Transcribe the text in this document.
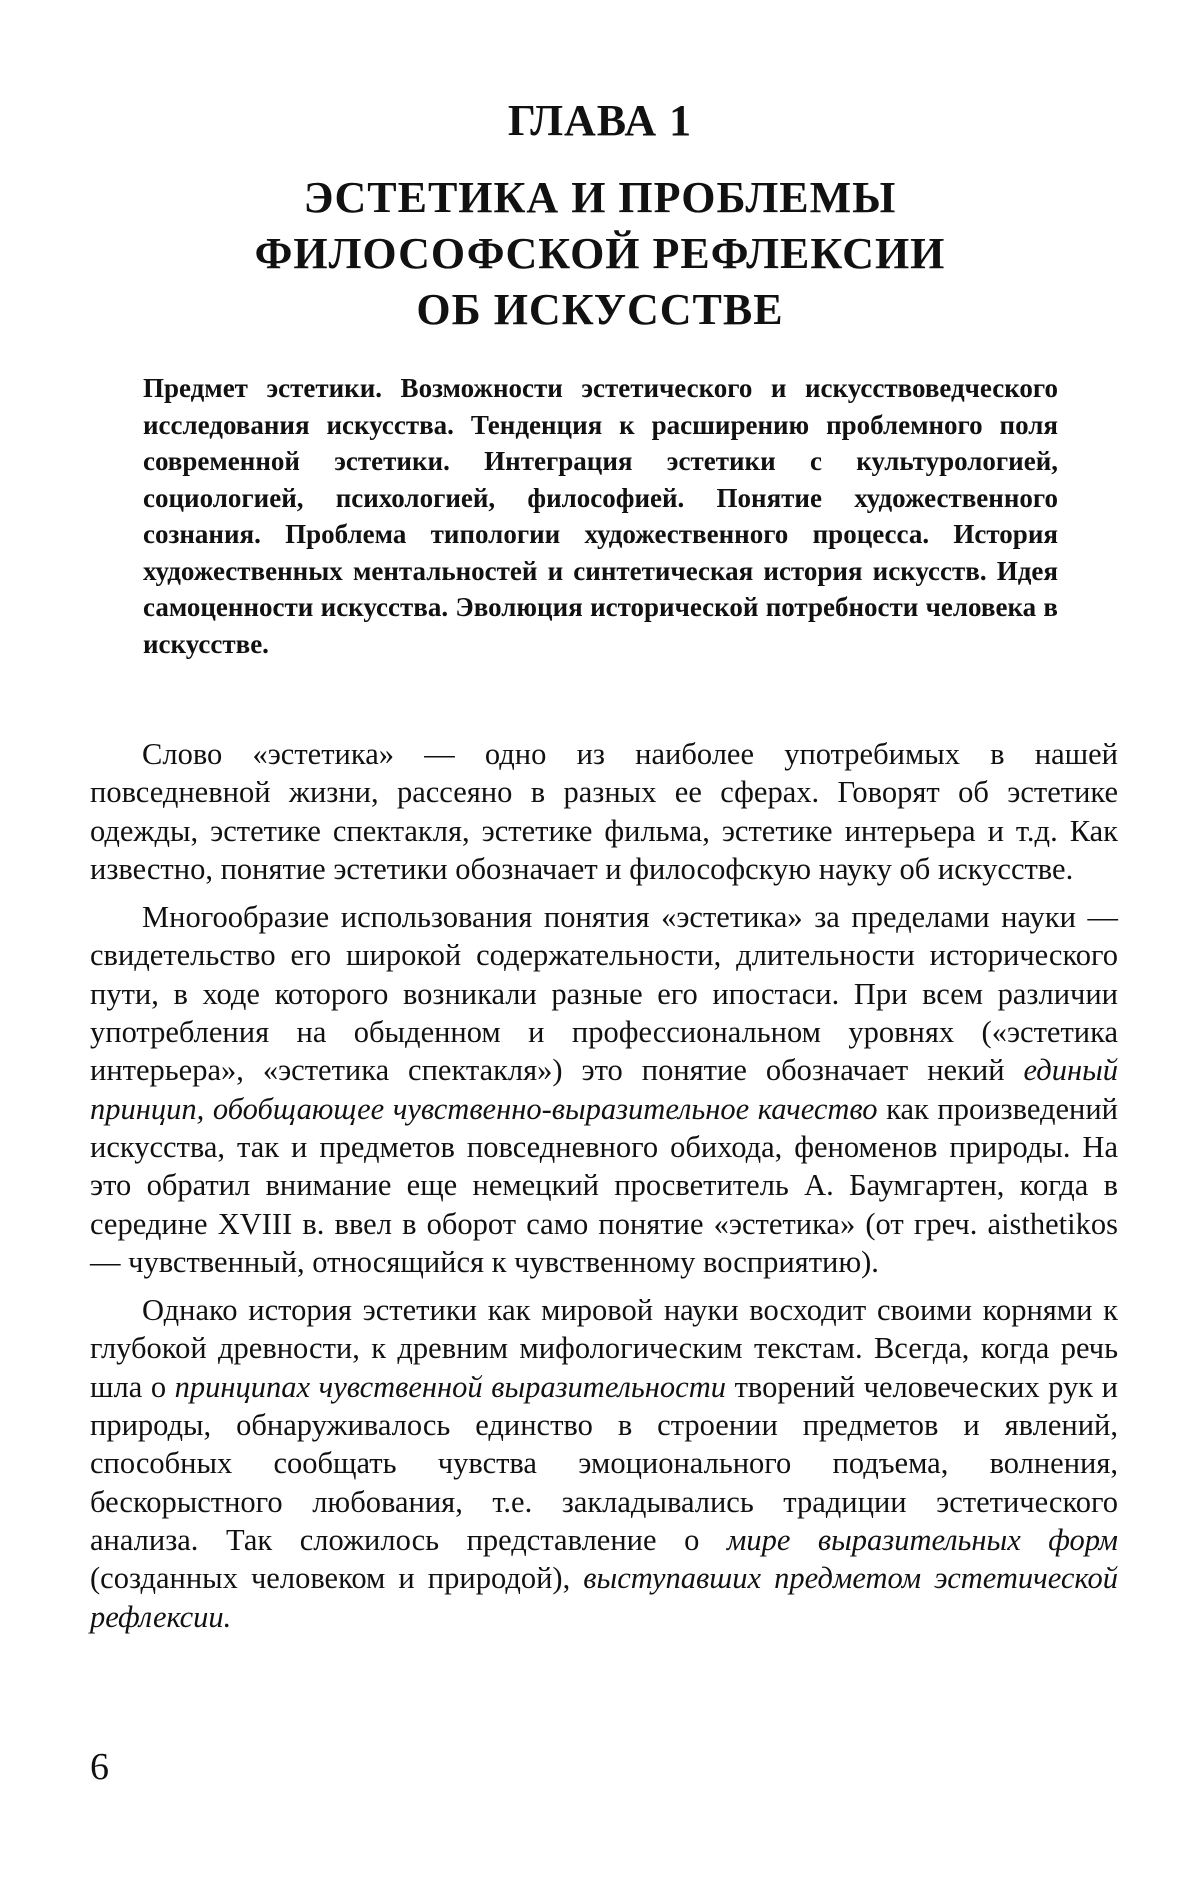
ГЛАВА 1
ЭСТЕТИКА И ПРОБЛЕМЫ
ФИЛОСОФСКОЙ РЕФЛЕКСИИ
ОБ ИСКУССТВЕ

Предмет эстетики. Возможности эстетического и искусствоведческого исследования искусства. Тенденция к расширению проблемного поля современной эстетики. Интеграция эстетики с культурологией, социологией, психологией, философией. Понятие художественного сознания. Проблема типологии художественного процесса. История художественных ментальностей и синтетическая история искусств. Идея самоценности искусства. Эволюция исторической потребности человека в искусстве.

Слово «эстетика» — одно из наиболее употребимых в нашей повседневной жизни, рассеяно в разных ее сферах. Говорят об эстетике одежды, эстетике спектакля, эстетике фильма, эстетике интерьера и т.д. Как известно, понятие эстетики обозначает и философскую науку об искусстве.

Многообразие использования понятия «эстетика» за пределами науки — свидетельство его широкой содержательности, длительности исторического пути, в ходе которого возникали разные его ипостаси. При всем различии употребления на обыденном и профессиональном уровнях («эстетика интерьера», «эстетика спектакля») это понятие обозначает некий единый принцип, обобщающее чувственно-выразительное качество как произведений искусства, так и предметов повседневного обихода, феноменов природы. На это обратил внимание еще немецкий просветитель А. Баумгартен, когда в середине XVIII в. ввел в оборот само понятие «эстетика» (от греч. aisthetikos — чувственный, относящийся к чувственному восприятию).

Однако история эстетики как мировой науки восходит своими корнями к глубокой древности, к древним мифологическим текстам. Всегда, когда речь шла о принципах чувственной выразительности творений человеческих рук и природы, обнаруживалось единство в строении предметов и явлений, способных сообщать чувства эмоционального подъема, волнения, бескорыстного любования, т.е. закладывались традиции эстетического анализа. Так сложилось представление о мире выразительных форм (созданных человеком и природой), выступавших предметом эстетической рефлексии.

6
